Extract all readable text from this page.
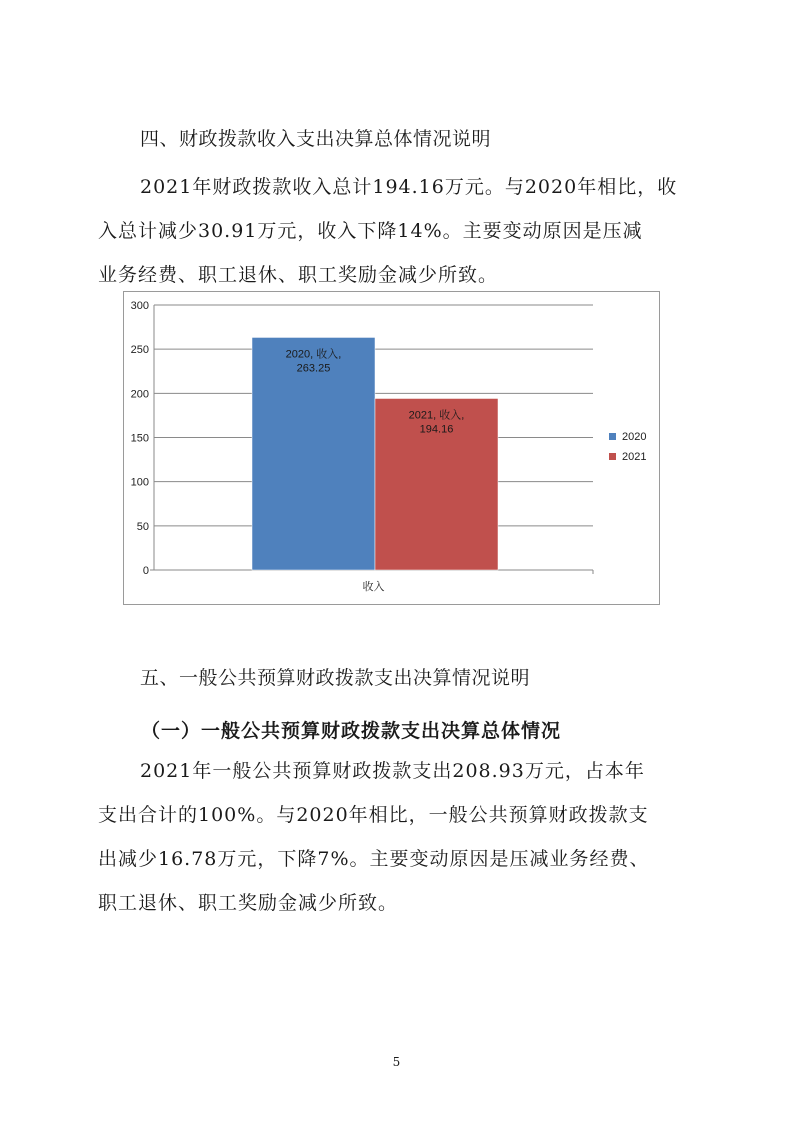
四、财政拨款收入支出决算总体情况说明

2021年财政拨款收入总计194.16万元。与2020年相比，收

入总计减少30.91万元，收入下降14%。主要变动原因是压减

业务经费、职工退休、职工奖励金减少所致。

300
250
200
150
100
50
0
2020, 收入, 263.25
2021, 收入, 194.16
收入
2020
2021
五、一般公共预算财政拨款支出决算情况说明
（一）一般公共预算财政拨款支出决算总体情况

2021年一般公共预算财政拨款支出208.93万元，占本年

支出合计的100%。与2020年相比，一般公共预算财政拨款支

出减少16.78万元，下降7%。主要变动原因是压减业务经费、

职工退休、职工奖励金减少所致。

5
